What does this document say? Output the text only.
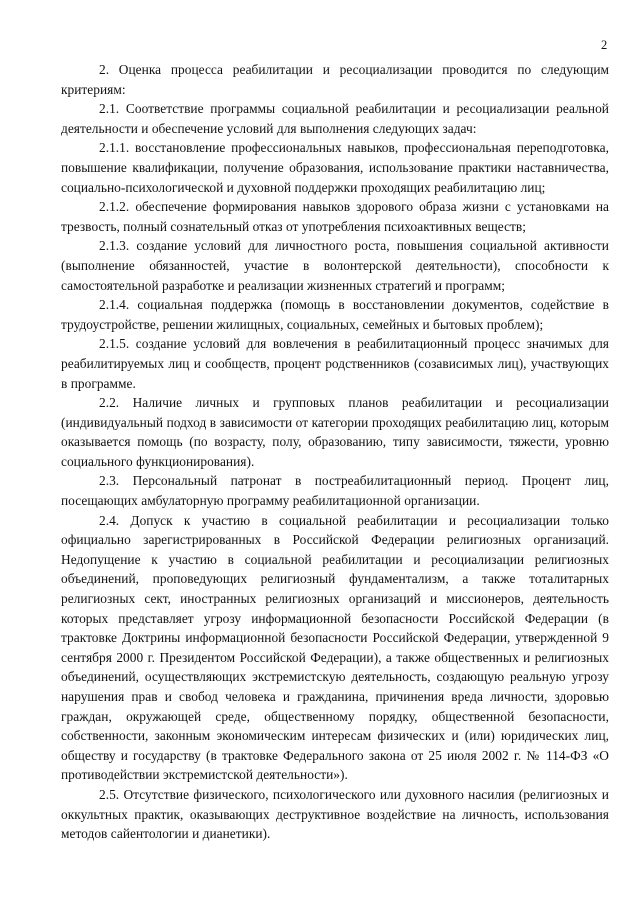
2

2. Оценка процесса реабилитации и ресоциализации проводится по следующим критериям:

2.1. Соответствие программы социальной реабилитации и ресоциализации реальной деятельности и обеспечение условий для выполнения следующих задач:

2.1.1. восстановление профессиональных навыков, профессиональная переподготовка, повышение квалификации, получение образования, использование практики наставничества, социально-психологической и духовной поддержки проходящих реабилитацию лиц;

2.1.2. обеспечение формирования навыков здорового образа жизни с установками на трезвость, полный сознательный отказ от употребления психоактивных веществ;

2.1.3. создание условий для личностного роста, повышения социальной активности (выполнение обязанностей, участие в волонтерской деятельности), способности к самостоятельной разработке и реализации жизненных стратегий и программ;

2.1.4. социальная поддержка (помощь в восстановлении документов, содействие в трудоустройстве, решении жилищных, социальных, семейных и бытовых проблем);

2.1.5. создание условий для вовлечения в реабилитационный процесс значимых для реабилитируемых лиц и сообществ, процент родственников (созависимых лиц), участвующих в программе.

2.2. Наличие личных и групповых планов реабилитации и ресоциализации (индивидуальный подход в зависимости от категории проходящих реабилитацию лиц, которым оказывается помощь (по возрасту, полу, образованию, типу зависимости, тяжести, уровню социального функционирования).

2.3. Персональный патронат в постреабилитационный период. Процент лиц, посещающих амбулаторную программу реабилитационной организации.

2.4. Допуск к участию в социальной реабилитации и ресоциализации только официально зарегистрированных в Российской Федерации религиозных организаций. Недопущение к участию в социальной реабилитации и ресоциализации религиозных объединений, проповедующих религиозный фундаментализм, а также тоталитарных религиозных сект, иностранных религиозных организаций и миссионеров, деятельность которых представляет угрозу информационной безопасности Российской Федерации (в трактовке Доктрины информационной безопасности Российской Федерации, утвержденной 9 сентября 2000 г. Президентом Российской Федерации), а также общественных и религиозных объединений, осуществляющих экстремистскую деятельность, создающую реальную угрозу нарушения прав и свобод человека и гражданина, причинения вреда личности, здоровью граждан, окружающей среде, общественному порядку, общественной безопасности, собственности, законным экономическим интересам физических и (или) юридических лиц, обществу и государству (в трактовке Федерального закона от 25 июля 2002 г. № 114-ФЗ «О противодействии экстремистской деятельности»).

2.5. Отсутствие физического, психологического или духовного насилия (религиозных и оккультных практик, оказывающих деструктивное воздействие на личность, использования методов сайентологии и дианетики).
